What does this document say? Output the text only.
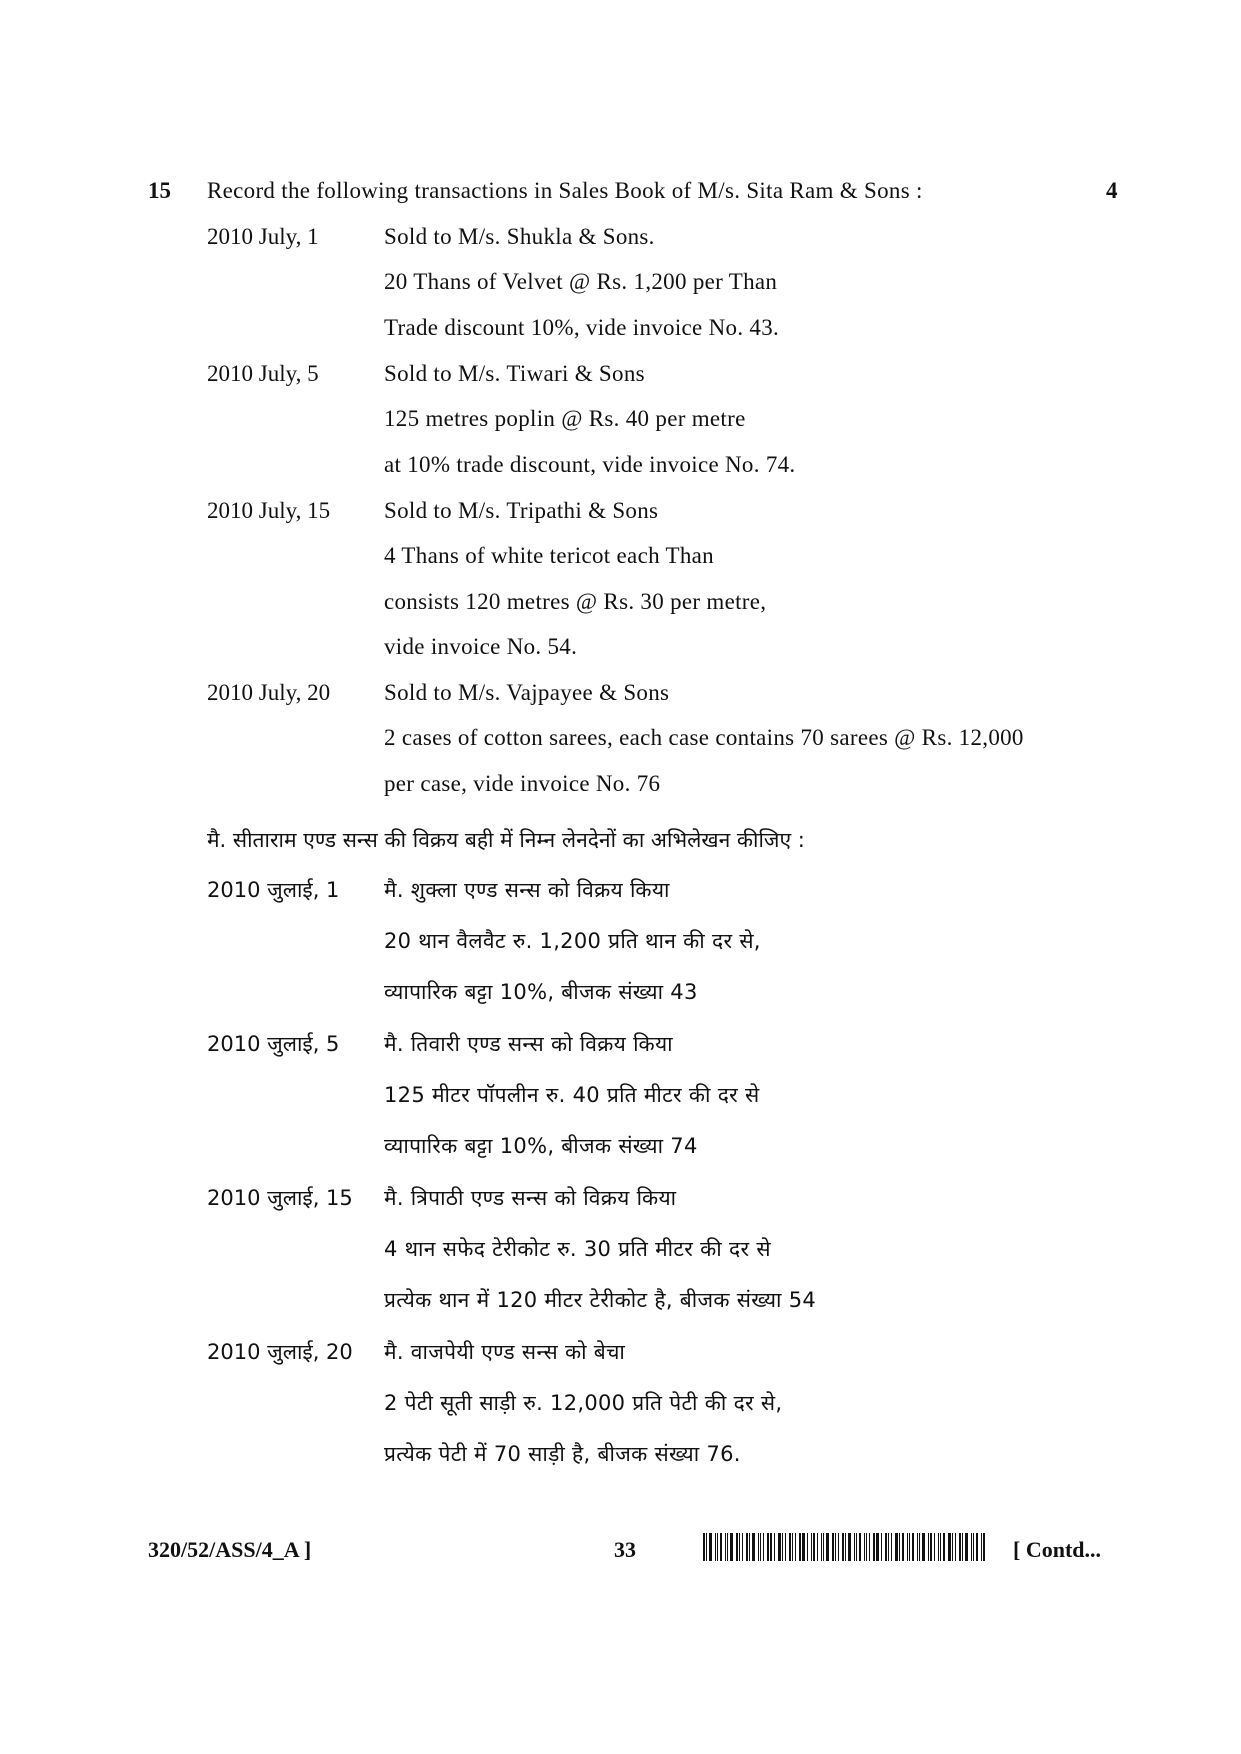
15 Record the following transactions in Sales Book of M/s. Sita Ram & Sons :	4
2010 July, 1	Sold to M/s. Shukla & Sons.
20 Thans of Velvet @ Rs. 1,200 per Than
Trade discount 10%, vide invoice No. 43.
2010 July, 5	Sold to M/s. Tiwari & Sons
125 metres poplin @ Rs. 40 per metre
at 10% trade discount, vide invoice No. 74.
2010 July, 15 Sold to M/s. Tripathi & Sons
4 Thans of white tericot each Than
consists 120 metres @ Rs. 30 per metre,
vide invoice No. 54.
2010 July, 20 Sold to M/s. Vajpayee & Sons
2 cases of cotton sarees, each case contains 70 sarees @ Rs. 12,000
per case, vide invoice No. 76
मै. सीताराम एण्ड सन्स की विक्रय बही में निम्न लेनदेनों का अभिलेखन कीजिए :
2010 जुलाई, 1 मै. शुक्ला एण्ड सन्स को विक्रय किया
20 थान वैलवैट रु. 1,200 प्रति थान की दर से,
व्यापारिक बट्टा 10%, बीजक संख्या 43
2010 जुलाई, 5 मै. तिवारी एण्ड सन्स को विक्रय किया
125 मीटर पॉपलीन रु. 40 प्रति मीटर की दर से
व्यापारिक बट्टा 10%, बीजक संख्या 74
2010 जुलाई, 15 मै. त्रिपाठी एण्ड सन्स को विक्रय किया
4 थान सफेद टेरीकोट रु. 30 प्रति मीटर की दर से
प्रत्येक थान में 120 मीटर टेरीकोट है, बीजक संख्या 54
2010 जुलाई, 20 मै. वाजपेयी एण्ड सन्स को बेचा
2 पेटी सूती साड़ी रु. 12,000 प्रति पेटी की दर से,
प्रत्येक पेटी में 70 साड़ी है, बीजक संख्या 76.
320/52/ASS/4_A ]	33	[ Contd...
